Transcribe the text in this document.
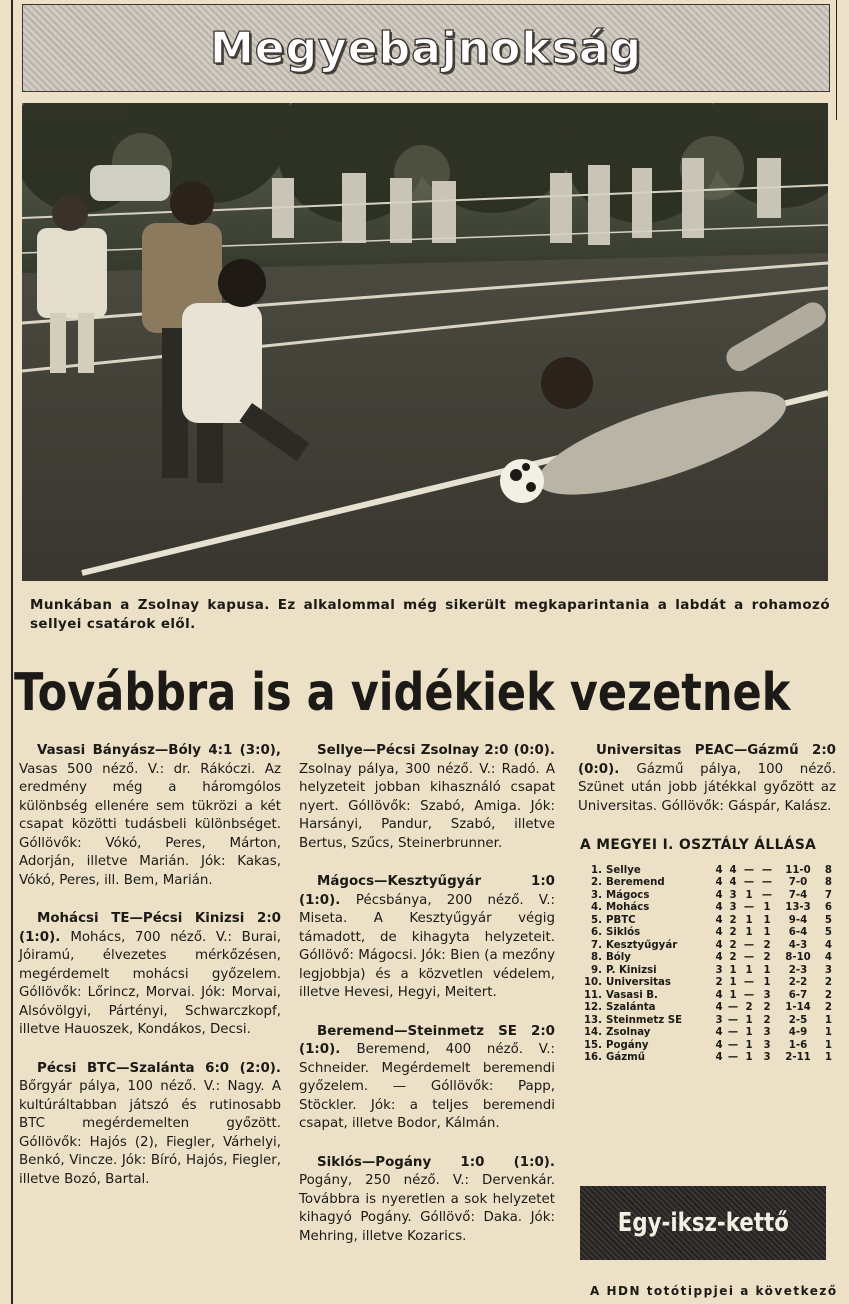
Megyebajnokság

Munkában a Zsolnay kapusa. Ez alkalommal még sikerült megkaparintania a labdát a rohamozó sellyei csatárok elől.

Továbbra is a vidékiek vezetnek

Vasasi Bányász—Bóly 4:1 (3:0), Vasas 500 néző. V.: dr. Rákóczi. Az eredmény még a háromgólos különbség ellenére sem tükrözi a két csapat közötti tudásbeli különbséget. Góllövők: Vókó, Peres, Márton, Adorján, illetve Marián. Jók: Kakas, Vókó, Peres, ill. Bem, Marián.

Mohácsi TE—Pécsi Kinizsi 2:0 (1:0). Mohács, 700 néző. V.: Burai, Jóiramú, élvezetes mérkőzésen, megérdemelt mohácsi győzelem. Góllövők: Lőrincz, Morvai. Jók: Morvai, Alsóvölgyi, Pártényi, Schwarczkopf, illetve Hauoszek, Kondákos, Decsi.

Pécsi BTC—Szalánta 6:0 (2:0). Bőrgyár pálya, 100 néző. V.: Nagy. A kultúráltabban játszó és rutinosabb BTC megérdemelten győzött. Góllövők: Hajós (2), Fiegler, Várhelyi, Benkó, Vincze. Jók: Bíró, Hajós, Fiegler, illetve Bozó, Bartal.

Sellye—Pécsi Zsolnay 2:0 (0:0). Zsolnay pálya, 300 néző. V.: Radó. A helyzeteit jobban kihasználó csapat nyert. Góllövők: Szabó, Amiga. Jók: Harsányi, Pandur, Szabó, illetve Bertus, Szűcs, Steinerbrunner.

Mágocs—Kesztyűgyár 1:0 (1:0). Pécsbánya, 200 néző. V.: Miseta. A Kesztyűgyár végig támadott, de kihagyta helyzeteit. Góllövő: Mágocsi. Jók: Bien (a mezőny legjobbja) és a közvetlen védelem, illetve Hevesi, Hegyi, Meitert.

Beremend—Steinmetz SE 2:0 (1:0). Beremend, 400 néző. V.: Schneider. Megérdemelt beremendi győzelem. — Góllövők: Papp, Stöckler. Jók: a teljes beremendi csapat, illetve Bodor, Kálmán.

Siklós—Pogány 1:0 (1:0). Pogány, 250 néző. V.: Dervenkár. Továbbra is nyeretlen a sok helyzetet kihagyó Pogány. Góllövő: Daka. Jók: Mehring, illetve Kozarics.

Universitas PEAC—Gázmű 2:0 (0:0). Gázmű pálya, 100 néző. Szünet után jobb játékkal győzött az Universitas. Góllövők: Gáspár, Kalász.

A MEGYEI I. OSZTÁLY ÁLLÁSA
1. Sellye	4 4 — —	11-0	8
2. Beremend	4 4 — —	7-0	8
3. Mágocs	4 3 1 —	7-4	7
4. Mohács	4 3 — 1	13-3	6
5. PBTC	4 2 1	1	9-4	5
6. Siklós	4 2 1	1	6-4	5
7. Kesztyűgyár	4 2 — 2	4-3	4
8. Bóly	4 2 — 2	8-10	4
9. P. Kinizsi	3 1 1	1	2-3	3
10. Universitas	2 1 — 1	2-2	2
11. Vasasi B.	4 1 — 3	6-7	2
12. Szalánta	4 — 2	2	1-14	2
13. Steinmetz SE	3 — 1	2	2-5	1
14. Zsolnay	4 — 1	3	4-9	1
15. Pogány	4 — 1	3	1-6	1
16. Gázmű	4 — 1	3	2-11	1
Egy-iksz-kettő

A HDN totótippjei a következő
